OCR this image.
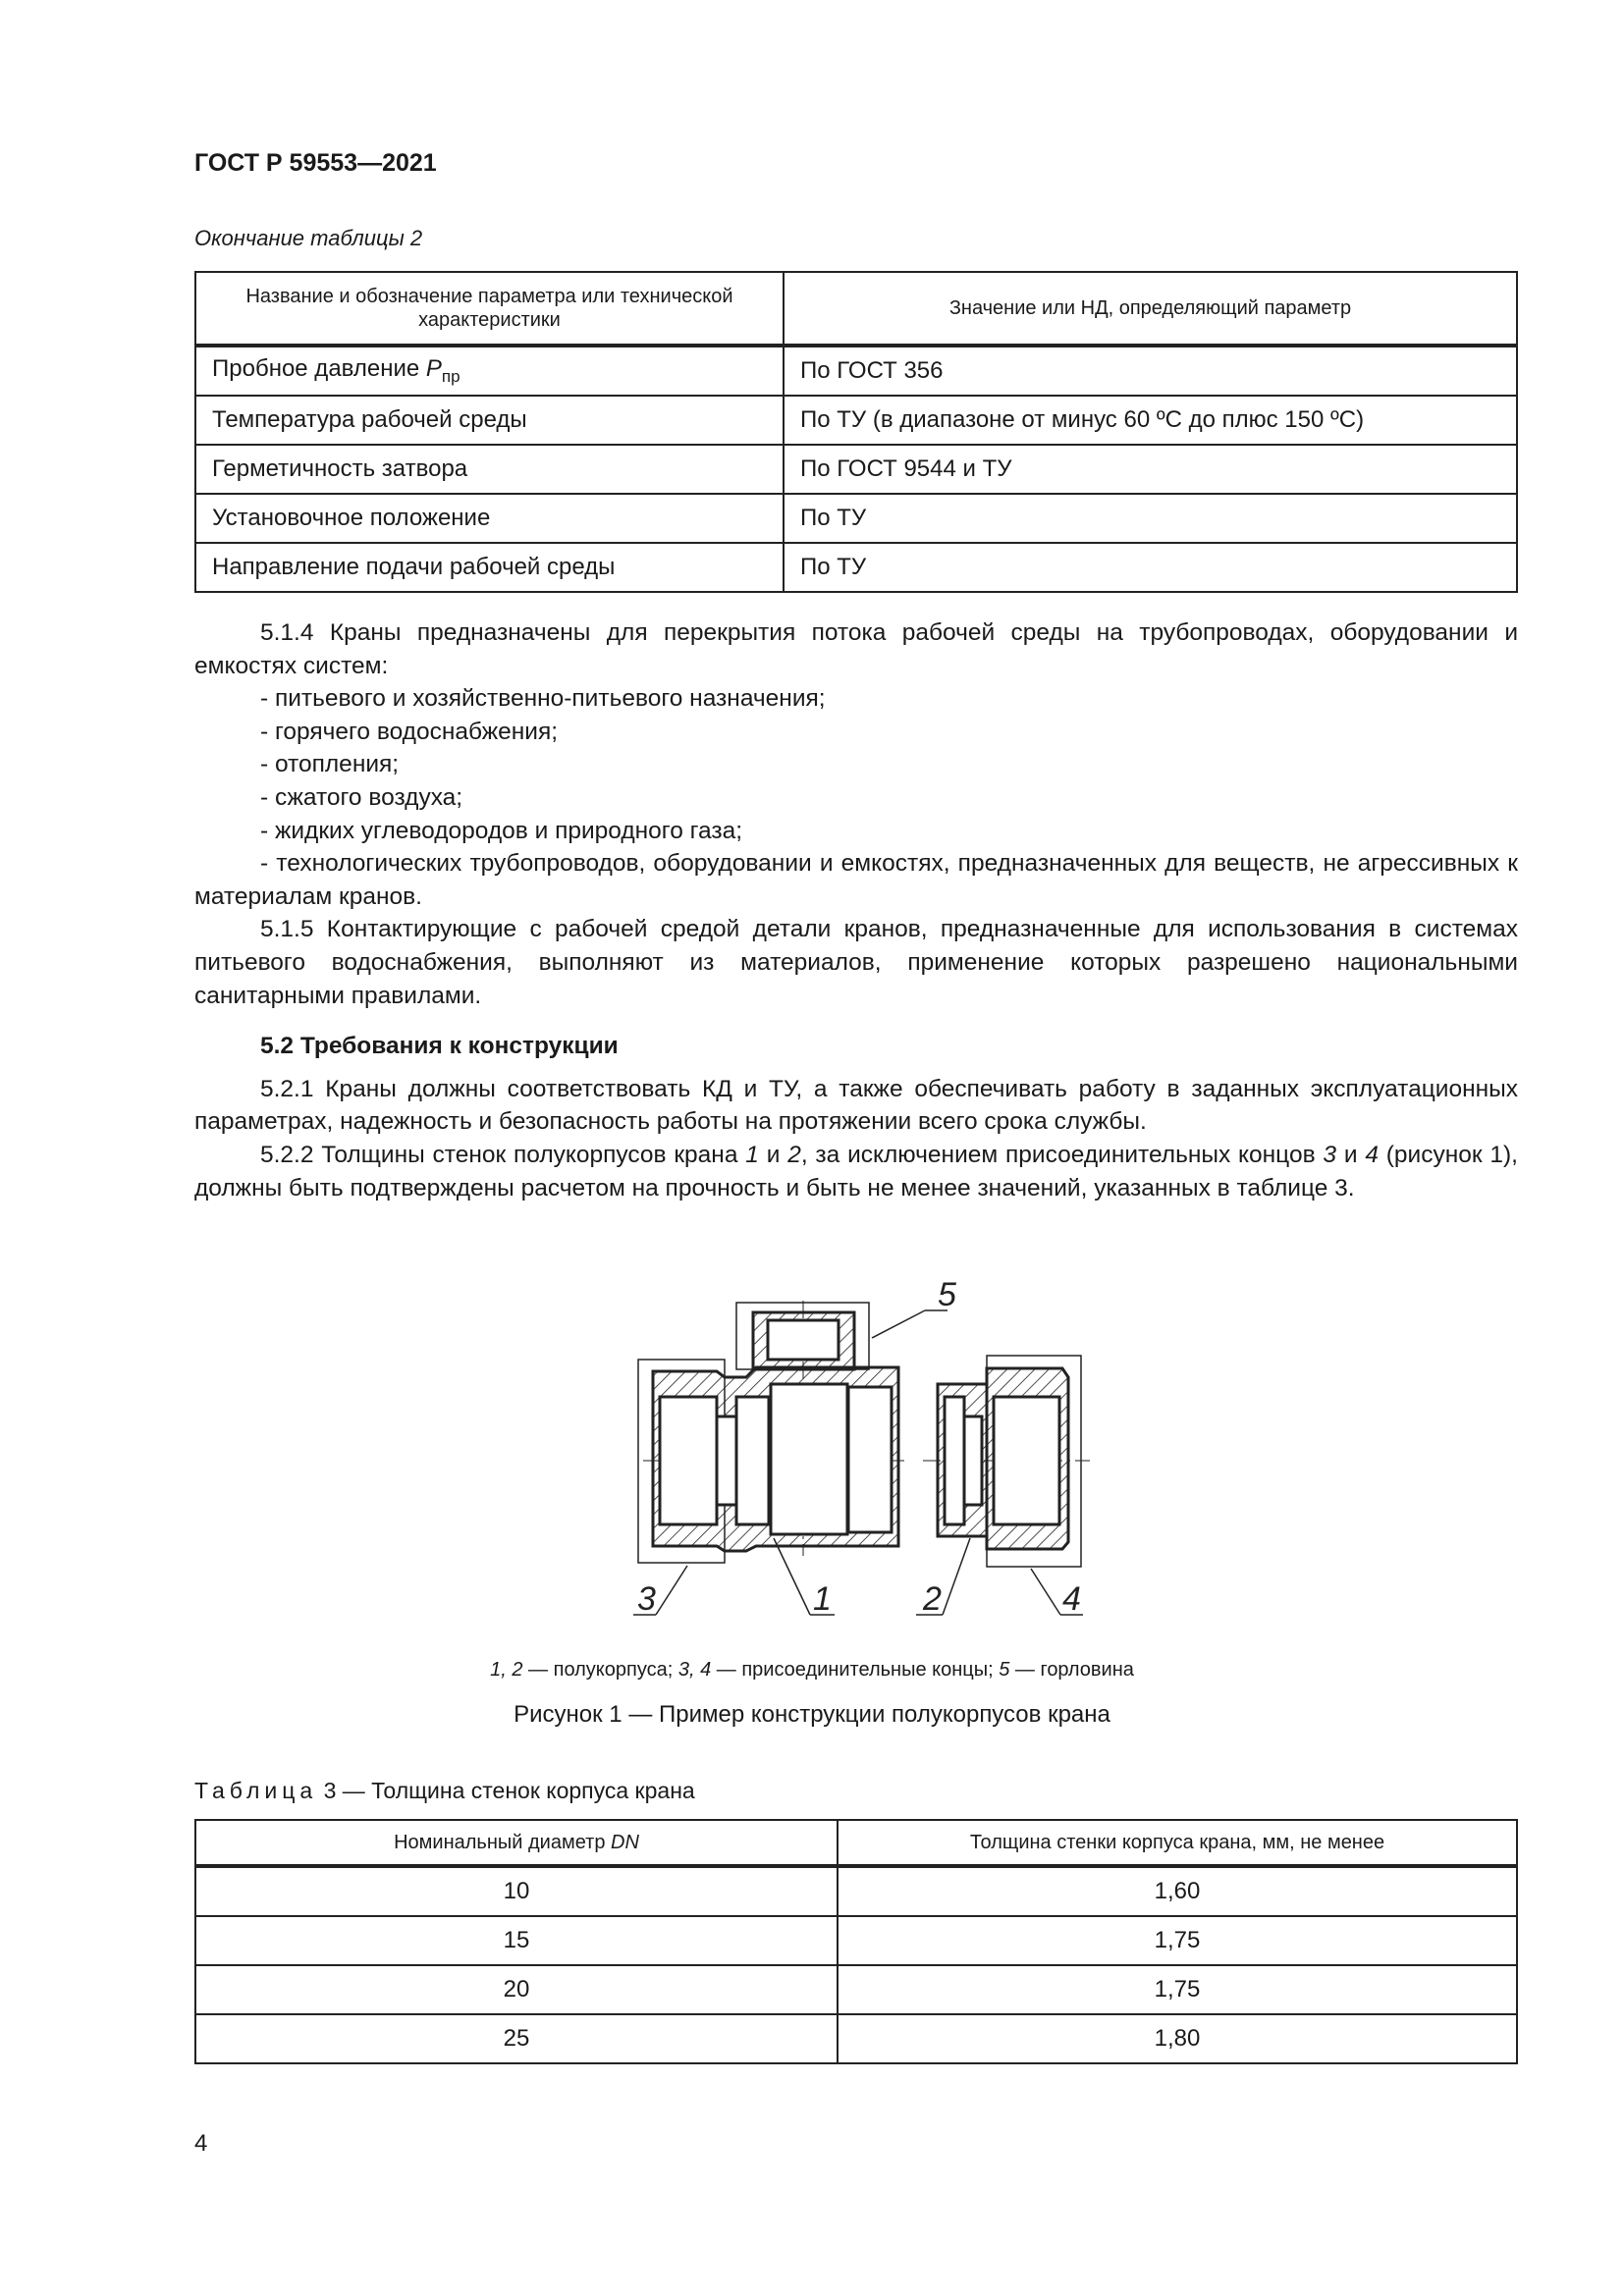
ГОСТ Р 59553—2021
Окончание таблицы 2
Название и обозначение параметра или технической характеристики	Значение или НД, определяющий параметр
Пробное давление $P_{пр}$	По ГОСТ 356
Температура рабочей среды	По ТУ (в диапазоне от минус 60 ºС до плюс 150 ºС)
Герметичность затвора	По ГОСТ 9544 и ТУ
Установочное положение	По ТУ
Направление подачи рабочей среды	По ТУ

5.1.4 Краны предназначены для перекрытия потока рабочей среды на трубопроводах, оборудовании и емкостях систем:

- питьевого и хозяйственно-питьевого назначения;

- горячего водоснабжения;

- отопления;

- сжатого воздуха;

- жидких углеводородов и природного газа;

- технологических трубопроводов, оборудовании и емкостях, предназначенных для веществ, не агрессивных к материалам кранов.

5.1.5 Контактирующие с рабочей средой детали кранов, предназначенные для использования в системах питьевого водоснабжения, выполняют из материалов, применение которых разрешено национальными санитарными правилами.

5.2 Требования к конструкции

5.2.1 Краны должны соответствовать КД и ТУ, а также обеспечивать работу в заданных эксплуатационных параметрах, надежность и безопасность работы на протяжении всего срока службы.

5.2.2 Толщины стенок полукорпусов крана 1 и 2, за исключением присоединительных концов 3 и 4 (рисунок 1), должны быть подтверждены расчетом на прочность и быть не менее значений, указанных в таблице 3.

3	1	2	4
5
1, 2 — полукорпуса; 3, 4 — присоединительные концы; 5 — горловина
Рисунок 1 — Пример конструкции полукорпусов крана
Таблица 3 — Толщина стенок корпуса крана
Номинальный диаметр DN	Толщина стенки корпуса крана, мм, не менее
10	1,60
15	1,75
20	1,75
25	1,80
4
